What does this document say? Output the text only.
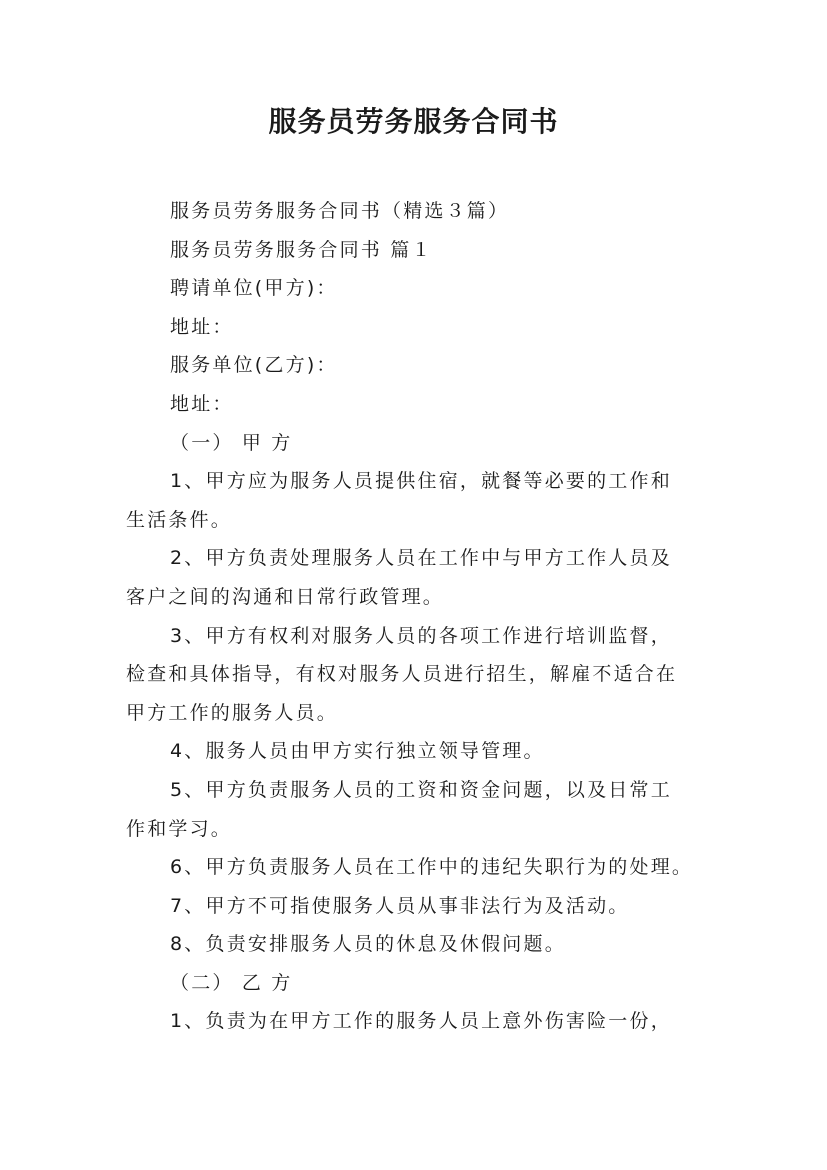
服务员劳务服务合同书

服务员劳务服务合同书（精选３篇）

服务员劳务服务合同书 篇１

聘请单位(甲方)：

地址：

服务单位(乙方)：

地址：

（一） 甲 方

1、甲方应为服务人员提供住宿，就餐等必要的工作和
生活条件。
2、甲方负责处理服务人员在工作中与甲方工作人员及
客户之间的沟通和日常行政管理。
3、甲方有权利对服务人员的各项工作进行培训监督，
检查和具体指导，有权对服务人员进行招生，解雇不适合在
甲方工作的服务人员。
4、服务人员由甲方实行独立领导管理。
5、甲方负责服务人员的工资和资金问题，以及日常工
作和学习。
6、甲方负责服务人员在工作中的违纪失职行为的处理。
7、甲方不可指使服务人员从事非法行为及活动。
8、负责安排服务人员的休息及休假问题。

（二） 乙 方

1、负责为在甲方工作的服务人员上意外伤害险一份，
